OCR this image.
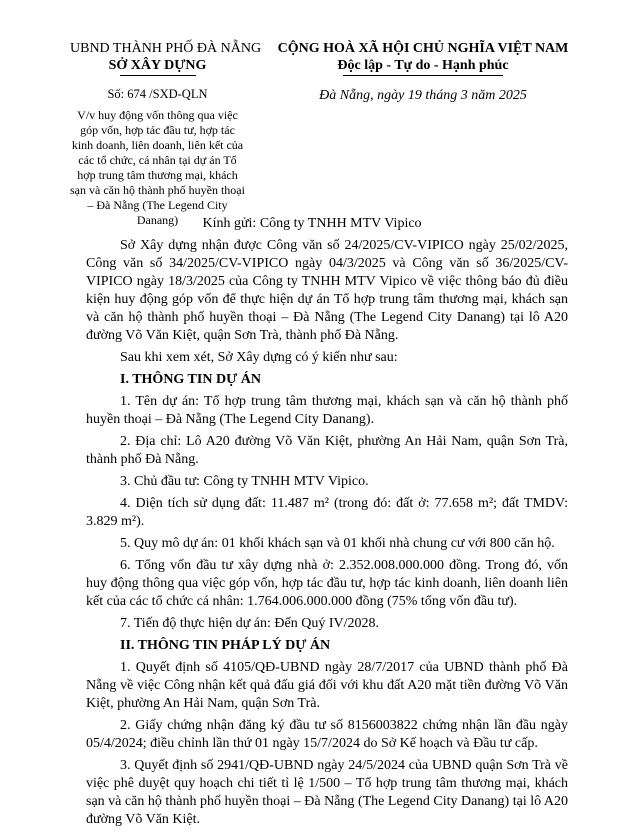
UBND THÀNH PHỐ ĐÀ NẴNG
SỞ XÂY DỰNG
Số: 674 /SXD-QLN
V/v huy động vốn thông qua việc góp vốn, hợp tác đầu tư, hợp tác kinh doanh, liên doanh, liên kết của các tổ chức, cá nhân tại dự án Tổ hợp trung tâm thương mại, khách sạn và căn hộ thành phố huyền thoại – Đà Nẵng (The Legend City Danang)
CỘNG HOÀ XÃ HỘI CHỦ NGHĨA VIỆT NAM
Độc lập - Tự do - Hạnh phúc
Đà Nẵng, ngày 19 tháng 3 năm 2025
Kính gửi: Công ty TNHH MTV Vipico

Sở Xây dựng nhận được Công văn số 24/2025/CV-VIPICO ngày 25/02/2025, Công văn số 34/2025/CV-VIPICO ngày 04/3/2025 và Công văn số 36/2025/CV-VIPICO ngày 18/3/2025 của Công ty TNHH MTV Vipico về việc thông báo đủ điều kiện huy động góp vốn để thực hiện dự án Tổ hợp trung tâm thương mại, khách sạn và căn hộ thành phố huyền thoại – Đà Nẵng (The Legend City Danang) tại lô A20 đường Võ Văn Kiệt, quận Sơn Trà, thành phố Đà Nẵng.

Sau khi xem xét, Sở Xây dựng có ý kiến như sau:

I. THÔNG TIN DỰ ÁN

1. Tên dự án: Tổ hợp trung tâm thương mại, khách sạn và căn hộ thành phố huyền thoại – Đà Nẵng (The Legend City Danang).

2. Địa chỉ: Lô A20 đường Võ Văn Kiệt, phường An Hải Nam, quận Sơn Trà, thành phố Đà Nẵng.

3. Chủ đầu tư: Công ty TNHH MTV Vipico.

4. Diện tích sử dụng đất: 11.487 m² (trong đó: đất ở: 77.658 m²; đất TMDV: 3.829 m²).

5. Quy mô dự án: 01 khối khách sạn và 01 khối nhà chung cư với 800 căn hộ.

6. Tổng vốn đầu tư xây dựng nhà ở: 2.352.008.000.000 đồng. Trong đó, vốn huy động thông qua việc góp vốn, hợp tác đầu tư, hợp tác kinh doanh, liên doanh liên kết của các tổ chức cá nhân: 1.764.006.000.000 đồng (75% tổng vốn đầu tư).

7. Tiến độ thực hiện dự án: Đến Quý IV/2028.

II. THÔNG TIN PHÁP LÝ DỰ ÁN

1. Quyết định số 4105/QĐ-UBND ngày 28/7/2017 của UBND thành phố Đà Nẵng về việc Công nhận kết quả đấu giá đối với khu đất A20 mặt tiền đường Võ Văn Kiệt, phường An Hải Nam, quận Sơn Trà.

2. Giấy chứng nhận đăng ký đầu tư số 8156003822 chứng nhận lần đầu ngày 05/4/2024; điều chỉnh lần thứ 01 ngày 15/7/2024 do Sở Kế hoạch và Đầu tư cấp.

3. Quyết định số 2941/QĐ-UBND ngày 24/5/2024 của UBND quận Sơn Trà về việc phê duyệt quy hoạch chi tiết tỉ lệ 1/500 – Tổ hợp trung tâm thương mại, khách sạn và căn hộ thành phố huyền thoại – Đà Nẵng (The Legend City Danang) tại lô A20 đường Võ Văn Kiệt.
